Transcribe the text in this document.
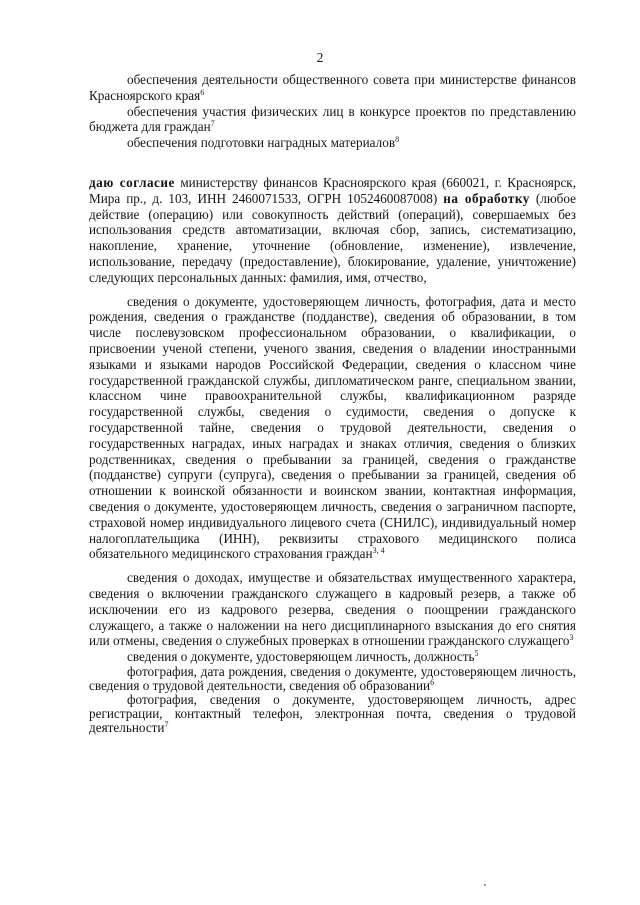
2

обеспечения деятельности общественного совета при министерстве финансов Красноярского края$^6$

обеспечения участия физических лиц в конкурсе проектов по представлению бюджета для граждан$^7$

обеспечения подготовки наградных материалов$^8$

даю согласие министерству финансов Красноярского края (660021, г. Красноярск, Мира пр., д. 103, ИНН 2460071533, ОГРН 1052460087008) на обработку (любое действие (операцию) или совокупность действий (операций), совершаемых без использования средств автоматизации, включая сбор, запись, систематизацию, накопление, хранение, уточнение (обновление, изменение), извлечение, использование, передачу (предоставление), блокирование, удаление, уничтожение) следующих персональных данных: фамилия, имя, отчество,

сведения о документе, удостоверяющем личность, фотография, дата и место рождения, сведения о гражданстве (подданстве), сведения об образовании, в том числе послевузовском профессиональном образовании, о квалификации, о присвоении ученой степени, ученого звания, сведения о владении иностранными языками и языками народов Российской Федерации, сведения о классном чине государственной гражданской службы, дипломатическом ранге, специальном звании, классном чине правоохранительной службы, квалификационном разряде государственной службы, сведения о судимости, сведения о допуске к государственной тайне, сведения о трудовой деятельности, сведения о государственных наградах, иных наградах и знаках отличия, сведения о близких родственниках, сведения о пребывании за границей, сведения о гражданстве (подданстве) супруги (супруга), сведения о пребывании за границей, сведения об отношении к воинской обязанности и воинском звании, контактная информация, сведения о документе, удостоверяющем личность, сведения о заграничном паспорте, страховой номер индивидуального лицевого счета (СНИЛС), индивидуальный номер налогоплательщика (ИНН), реквизиты страхового медицинского полиса обязательного медицинского страхования граждан$^{3, 4}$

сведения о доходах, имуществе и обязательствах имущественного характера, сведения о включении гражданского служащего в кадровый резерв, а также об исключении его из кадрового резерва, сведения о поощрении гражданского служащего, а также о наложении на него дисциплинарного взыскания до его снятия или отмены, сведения о служебных проверках в отношении гражданского служащего$^3$

сведения о документе, удостоверяющем личность, должность$^5$

фотография, дата рождения, сведения о документе, удостоверяющем личность, сведения о трудовой деятельности, сведения об образовании$^6$

фотография, сведения о документе, удостоверяющем личность, адрес регистрации, контактный телефон, электронная почта, сведения о трудовой деятельности$^7$
